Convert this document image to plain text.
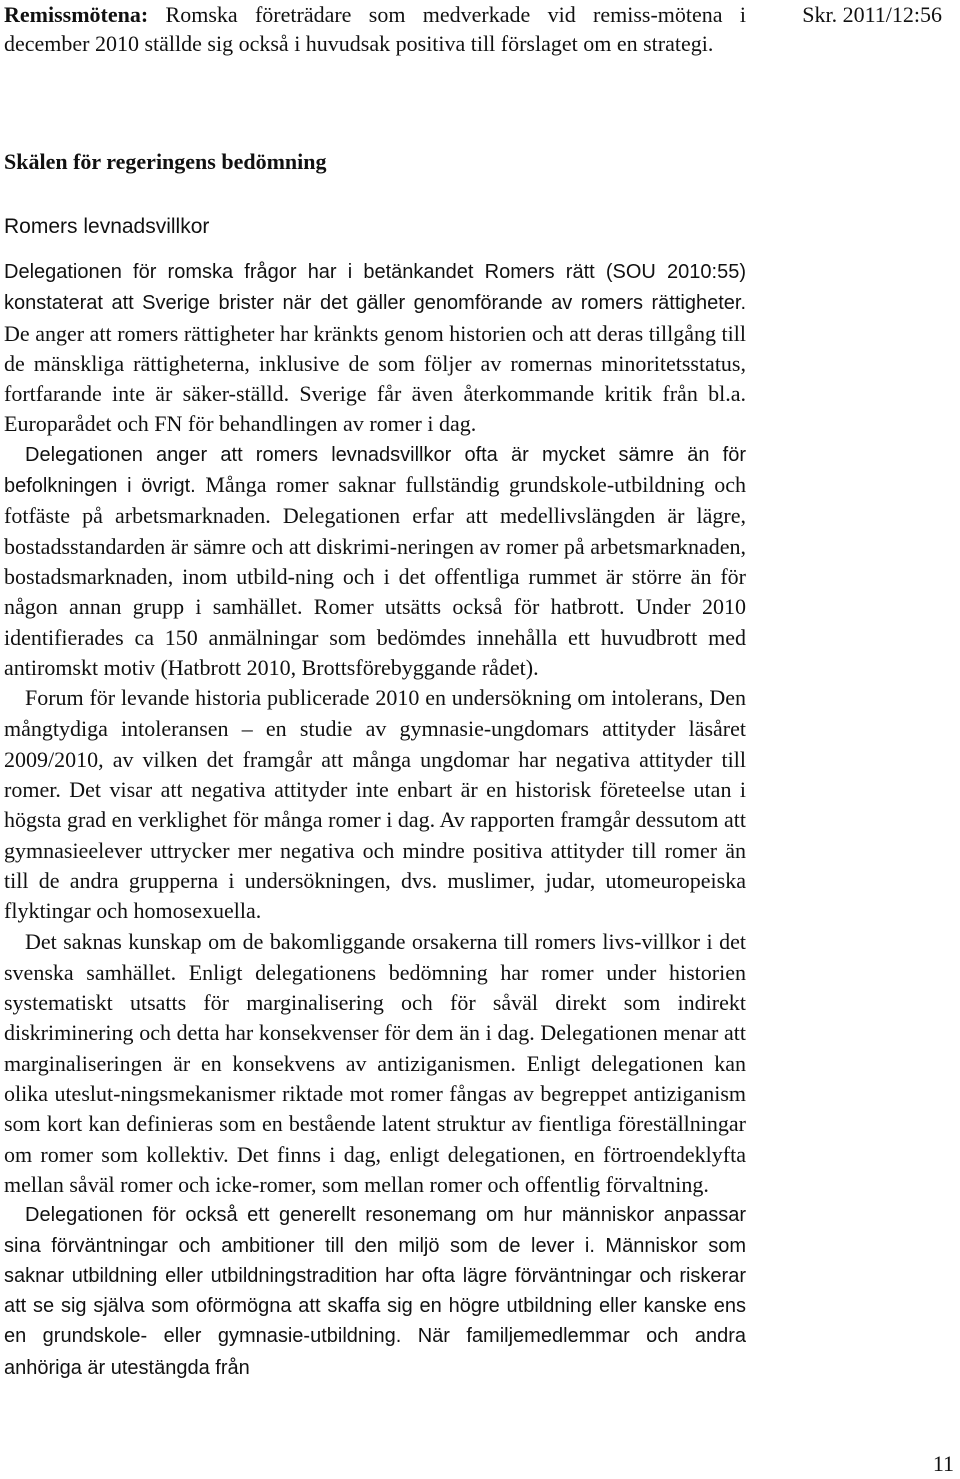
Remissmötena: Romska företrädare som medverkade vid remiss-mötena i december 2010 ställde sig också i huvudsak positiva till förslaget om en strategi.
Skr. 2011/12:56
Skälen för regeringens bedömning
Romers levnadsvillkor

Delegationen för romska frågor har i betänkandet Romers rätt (SOU 2010:55) konstaterat att Sverige brister när det gäller genomförande av romers rättigheter. De anger att romers rättigheter har kränkts genom historien och att deras tillgång till de mänskliga rättigheterna, inklusive de som följer av romernas minoritetsstatus, fortfarande inte är säker-ställd. Sverige får även återkommande kritik från bl.a. Europarådet och FN för behandlingen av romer i dag.

Delegationen anger att romers levnadsvillkor ofta är mycket sämre än för befolkningen i övrigt. Många romer saknar fullständig grundskole-utbildning och fotfäste på arbetsmarknaden. Delegationen erfar att medellivslängden är lägre, bostadsstandarden är sämre och att diskrimi-neringen av romer på arbetsmarknaden, bostadsmarknaden, inom utbild-ning och i det offentliga rummet är större än för någon annan grupp i samhället. Romer utsätts också för hatbrott. Under 2010 identifierades ca 150 anmälningar som bedömdes innehålla ett huvudbrott med antiromskt motiv (Hatbrott 2010, Brottsförebyggande rådet).

Forum för levande historia publicerade 2010 en undersökning om intolerans, Den mångtydiga intoleransen – en studie av gymnasie-ungdomars attityder läsåret 2009/2010, av vilken det framgår att många ungdomar har negativa attityder till romer. Det visar att negativa attityder inte enbart är en historisk företeelse utan i högsta grad en verklighet för många romer i dag. Av rapporten framgår dessutom att gymnasieelever uttrycker mer negativa och mindre positiva attityder till romer än till de andra grupperna i undersökningen, dvs. muslimer, judar, utomeuropeiska flyktingar och homosexuella.

Det saknas kunskap om de bakomliggande orsakerna till romers livs-villkor i det svenska samhället. Enligt delegationens bedömning har romer under historien systematiskt utsatts för marginalisering och för såväl direkt som indirekt diskriminering och detta har konsekvenser för dem än i dag. Delegationen menar att marginaliseringen är en konsekvens av antiziganismen. Enligt delegationen kan olika uteslut-ningsmekanismer riktade mot romer fångas av begreppet antiziganism som kort kan definieras som en bestående latent struktur av fientliga föreställningar om romer som kollektiv. Det finns i dag, enligt delegationen, en förtroendeklyfta mellan såväl romer och icke-romer, som mellan romer och offentlig förvaltning.

Delegationen för också ett generellt resonemang om hur människor anpassar sina förväntningar och ambitioner till den miljö som de lever i. Människor som saknar utbildning eller utbildningstradition har ofta lägre förväntningar och riskerar att se sig själva som oförmögna att skaffa sig en högre utbildning eller kanske ens en grundskole- eller gymnasie-utbildning. När familjemedlemmar och andra anhöriga är utestängda från

11
